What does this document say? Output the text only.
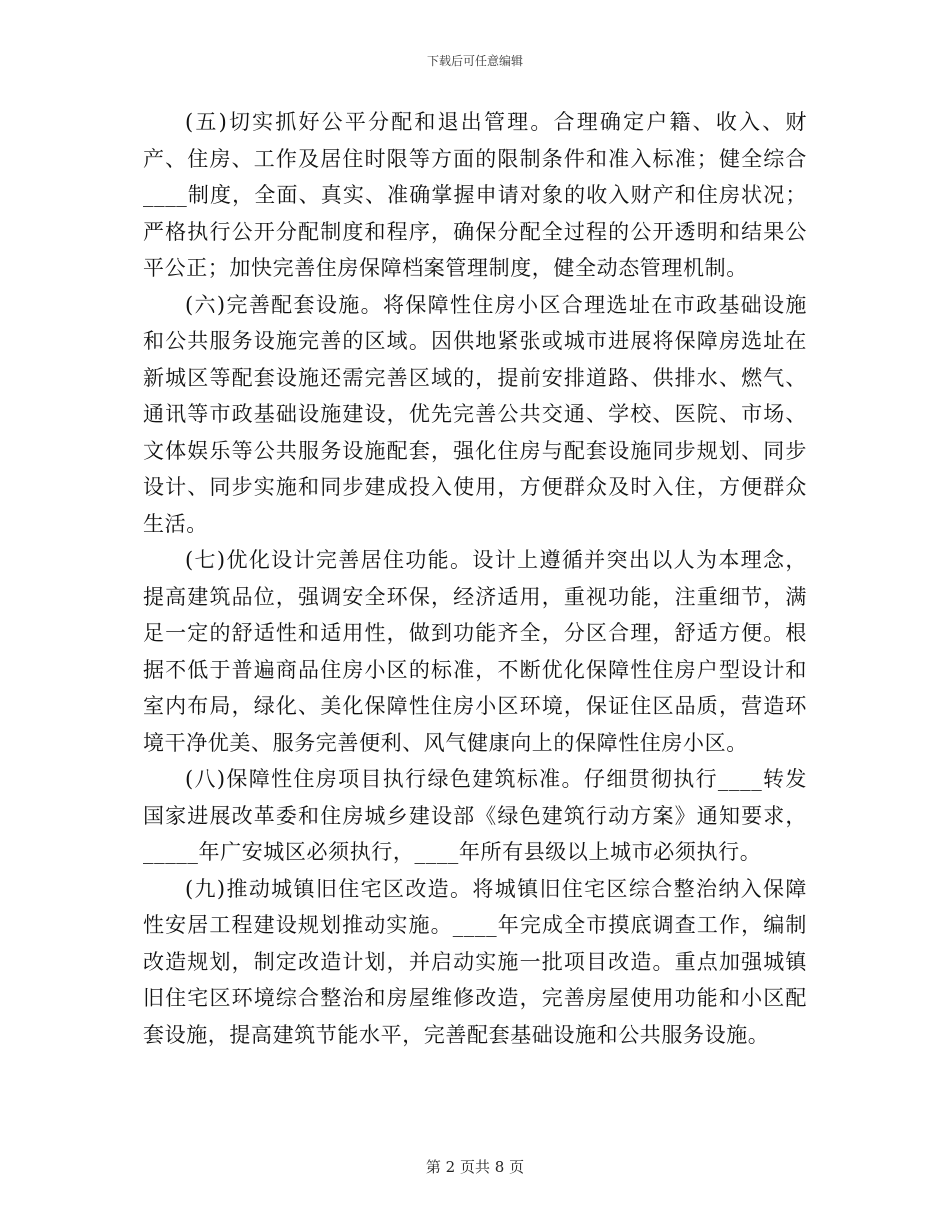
下载后可任意编辑

(五)切实抓好公平分配和退出管理。合理确定户籍、收入、财产、住房、工作及居住时限等方面的限制条件和准入标准；健全综合____制度，全面、真实、准确掌握申请对象的收入财产和住房状况；严格执行公开分配制度和程序，确保分配全过程的公开透明和结果公平公正；加快完善住房保障档案管理制度，健全动态管理机制。

(六)完善配套设施。将保障性住房小区合理选址在市政基础设施和公共服务设施完善的区域。因供地紧张或城市进展将保障房选址在新城区等配套设施还需完善区域的，提前安排道路、供排水、燃气、通讯等市政基础设施建设，优先完善公共交通、学校、医院、市场、文体娱乐等公共服务设施配套，强化住房与配套设施同步规划、同步设计、同步实施和同步建成投入使用，方便群众及时入住，方便群众生活。

(七)优化设计完善居住功能。设计上遵循并突出以人为本理念，提高建筑品位，强调安全环保，经济适用，重视功能，注重细节，满足一定的舒适性和适用性，做到功能齐全，分区合理，舒适方便。根据不低于普遍商品住房小区的标准，不断优化保障性住房户型设计和室内布局，绿化、美化保障性住房小区环境，保证住区品质，营造环境干净优美、服务完善便利、风气健康向上的保障性住房小区。

(八)保障性住房项目执行绿色建筑标准。仔细贯彻执行____转发国家进展改革委和住房城乡建设部《绿色建筑行动方案》通知要求，_____年广安城区必须执行，____年所有县级以上城市必须执行。

(九)推动城镇旧住宅区改造。将城镇旧住宅区综合整治纳入保障性安居工程建设规划推动实施。____年完成全市摸底调查工作，编制改造规划，制定改造计划，并启动实施一批项目改造。重点加强城镇旧住宅区环境综合整治和房屋维修改造，完善房屋使用功能和小区配套设施，提高建筑节能水平，完善配套基础设施和公共服务设施。

第 2 页共 8 页
